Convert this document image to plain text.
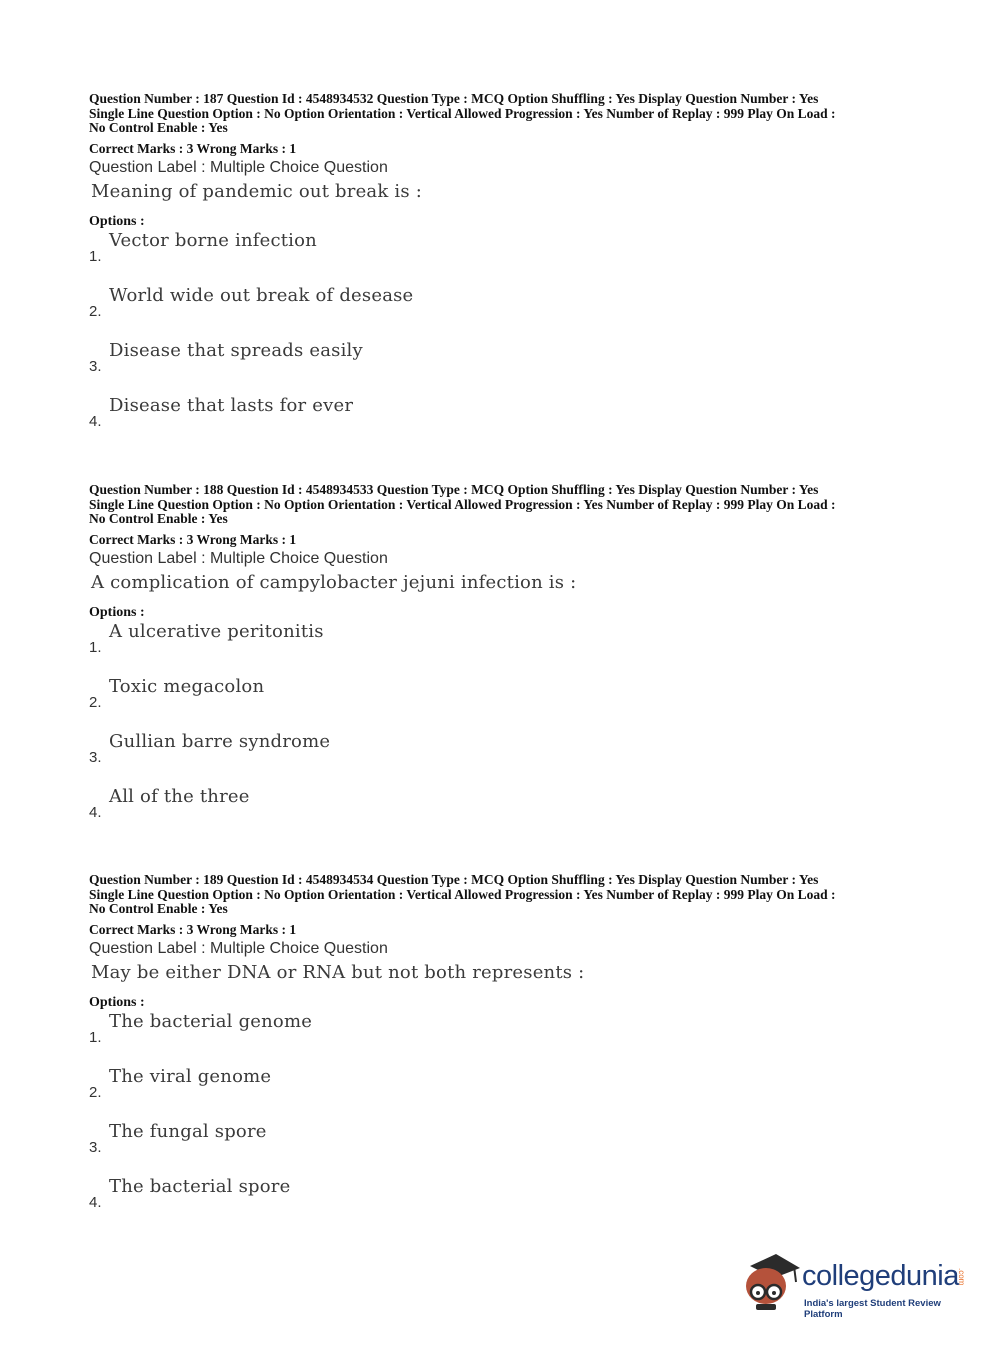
Question Number : 187 Question Id : 4548934532 Question Type : MCQ Option Shuffling : Yes Display Question Number : Yes
Single Line Question Option : No Option Orientation : Vertical Allowed Progression : Yes Number of Replay : 999 Play On Load :
No Control Enable : Yes
Correct Marks : 3 Wrong Marks : 1
Question Label : Multiple Choice Question
Meaning of pandemic out break is :
Options :
1.
Vector borne infection
2.
World wide out break of desease
3.
Disease that spreads easily
4.
Disease that lasts for ever
Question Number : 188 Question Id : 4548934533 Question Type : MCQ Option Shuffling : Yes Display Question Number : Yes
Single Line Question Option : No Option Orientation : Vertical Allowed Progression : Yes Number of Replay : 999 Play On Load :
No Control Enable : Yes
Correct Marks : 3 Wrong Marks : 1
Question Label : Multiple Choice Question
A complication of campylobacter jejuni infection is :
Options :
1.
A ulcerative peritonitis
2.
Toxic megacolon
3.
Gullian barre syndrome
4.
All of the three
Question Number : 189 Question Id : 4548934534 Question Type : MCQ Option Shuffling : Yes Display Question Number : Yes
Single Line Question Option : No Option Orientation : Vertical Allowed Progression : Yes Number of Replay : 999 Play On Load :
No Control Enable : Yes
Correct Marks : 3 Wrong Marks : 1
Question Label : Multiple Choice Question
May be either DNA or RNA but not both represents :
Options :
1.
The bacterial genome
2.
The viral genome
3.
The fungal spore
4.
The bacterial spore
collegedunia
.com
India's largest Student Review Platform
